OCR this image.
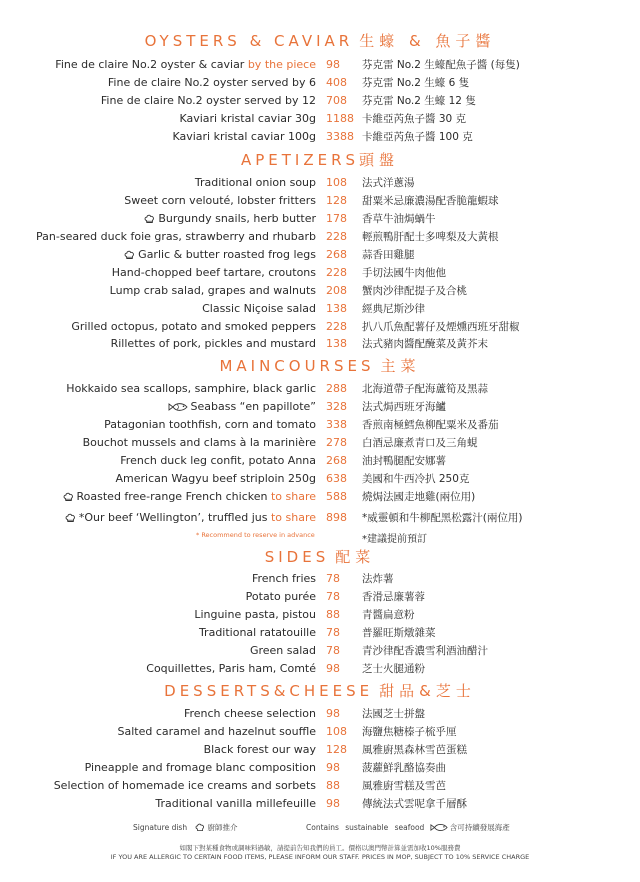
OYSTERS & CAVIAR 生蠔 & 魚子醬
Fine de claire No.2 oyster & caviar by the piece 98 芬克雷 No.2 生蠔配魚子醬 (每隻)
Fine de claire No.2 oyster served by 6 408 芬克雷 No.2 生蠔 6 隻
Fine de claire No.2 oyster served by 12 708 芬克雷 No.2 生蠔 12 隻
Kaviari kristal caviar 30g 1188 卡維亞芮魚子醬 30 克
Kaviari kristal caviar 100g 3388 卡維亞芮魚子醬 100 克
APETIZERS頭盤
Traditional onion soup 108 法式洋蔥湯
Sweet corn velouté, lobster fritters 128 甜粟米忌廉濃湯配香脆龍蝦球
Burgundy snails, herb butter 178 香草牛油焗蝸牛
Pan-seared duck foie gras, strawberry and rhubarb 228 輕煎鴨肝配士多啤梨及大黃根
Garlic & butter roasted frog legs 268 蒜香田雞腿
Hand-chopped beef tartare, croutons 228 手切法國牛肉他他
Lump crab salad, grapes and walnuts 208 蟹肉沙律配提子及合桃
Classic Niçoise salad 138 經典尼斯沙律
Grilled octopus, potato and smoked peppers 228 扒八爪魚配薯仔及煙燻西班牙甜椒
Rillettes of pork, pickles and mustard 138 法式豬肉醬配醃菜及黃芥末
MAINCOURSES 主菜
Hokkaido sea scallops, samphire, black garlic 288 北海道帶子配海蘆筍及黑蒜
Seabass “en papillote” 328 法式焗西班牙海鱸
Patagonian toothfish, corn and tomato 338 香煎南極鱈魚柳配粟米及番茄
Bouchot mussels and clams à la marinière 278 白酒忌廉煮青口及三角蜆
French duck leg confit, potato Anna 268 油封鴨腿配安娜薯
American Wagyu beef striploin 250g 638 美國和牛西冷扒 250克
Roasted free-range French chicken to share 588 燒焗法國走地雞(兩位用)
*Our beef ‘Wellington’, truffled jus to share 898 *威靈頓和牛柳配黑松露汁(兩位用)
* Recommend to reserve in advance	*建議提前預訂
SIDES 配菜
French fries 78 法炸薯
Potato purée 78 香滑忌廉薯蓉
Linguine pasta, pistou 88 青醬扁意粉
Traditional ratatouille 78 普羅旺斯燉雜菜
Green salad 78 青沙律配香濃雪利酒油醋汁
Coquillettes, Paris ham, Comté 98 芝士火腿通粉
DESSERTS&CHEESE 甜品&芝士
French cheese selection 98 法國芝士拼盤
Salted caramel and hazelnut souffle 108 海鹽焦糖榛子梳乎厘
Black forest our way 128 風雅廚黑森林雪芭蛋糕
Pineapple and fromage blanc composition 98 菠蘿鮮乳酪協奏曲
Selection of homemade ice creams and sorbets 88 風雅廚雪糕及雪芭
Traditional vanilla millefeuille 98 傳統法式雲呢拿千層酥
Signature dish	廚師推介	Contains sustainable seafood	含可持續發展海產
如閣下對某種食物或調味料過敏，請提前告知我們的員工。價格以澳門幣計算並需加收10%服務費
IF YOU ARE ALLERGIC TO CERTAIN FOOD ITEMS, PLEASE INFORM OUR STAFF. PRICES IN MOP, SUBJECT TO 10% SERVICE CHARGE
